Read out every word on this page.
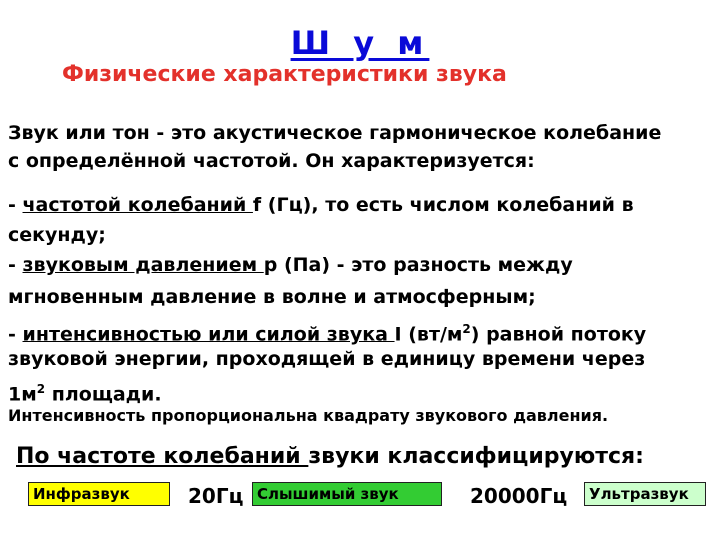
Ш у м
Физические характеристики звука
Звук или тон - это акустическое гармоническое колебание
с определённой частотой. Он характеризуется:
- частотой колебаний f (Гц), то есть числом колебаний в
секунду;
- звуковым давлением p (Па) - это разность между
мгновенным давление в волне и атмосферным;
- интенсивностью или силой звука I $(вт/м^2)$ равной потоку
звуковой энергии, проходящей в единицу времени через
$1м^2$ площади.
Интенсивность пропорциональна квадрату звукового давления.
По частоте колебаний звуки классифицируются:
Инфразвук	20Гц Слышимый звук	20000Гц	Ультразвук
